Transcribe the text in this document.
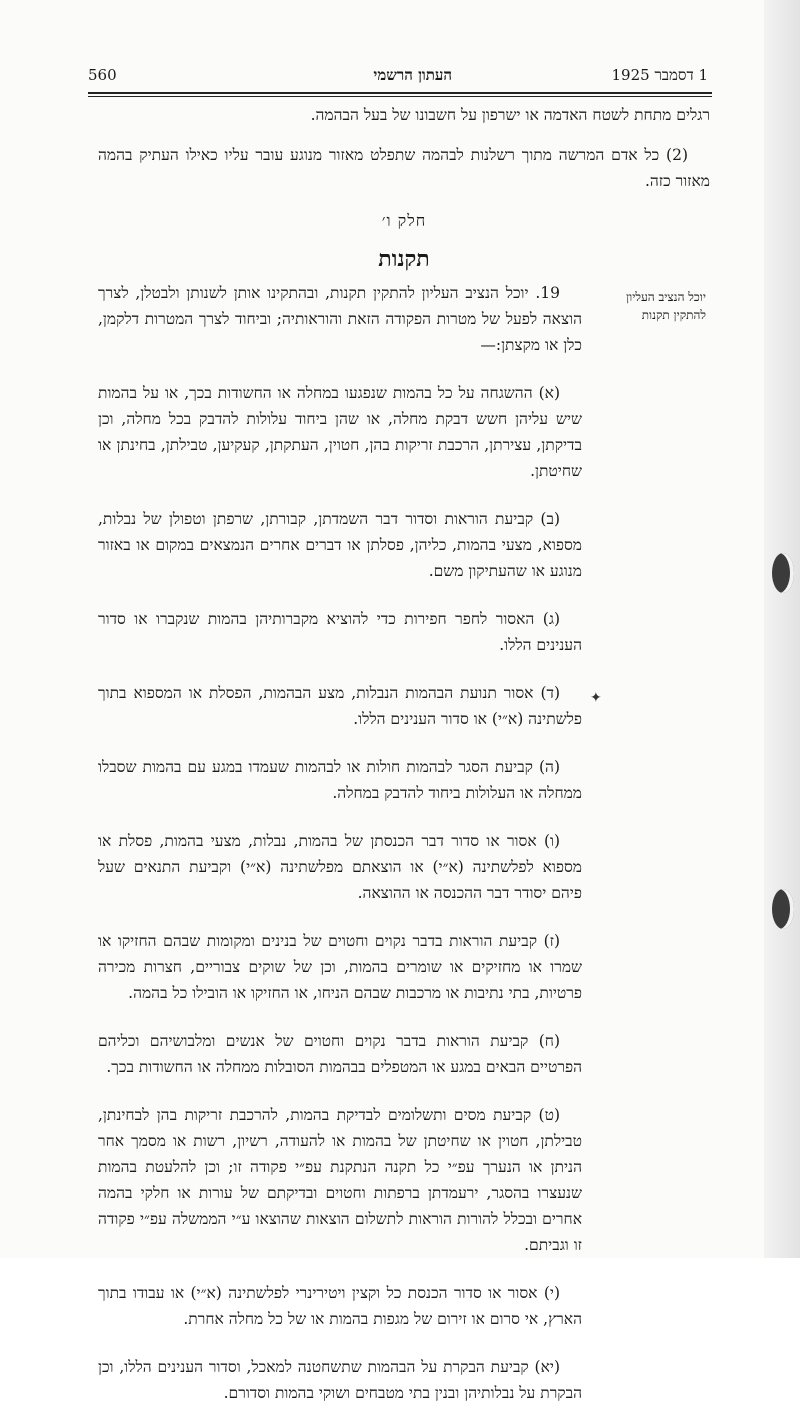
1 דסמבר 1925
העתון הרשמי
560

רגלים מתחת לשטח האדמה או ישרפון על חשבונו של בעל הבהמה.

(2) כל אדם המרשה מתוך רשלנות לבהמה שתפלט מאזור מנוגע עובר עליו כאילו העתיק בהמה מאזור כזה.

חלק ו׳
תקנות
יוכל הנציב העליון להתקין תקנות

19. יוכל הנציב העליון להתקין תקנות, ובהתקינו אותן לשנותן ולבטלן, לצרך הוצאה לפעל של מטרות הפקודה הזאת והוראותיה; וביחוד לצרך המטרות דלקמן, כלן או מקצתן:—

(א) ההשגחה על כל בהמות שנפגעו במחלה או החשודות בכך, או על בהמות שיש עליהן חשש דבקת מחלה, או שהן ביחוד עלולות להדבק בכל מחלה, וכן בדיקתן, עצירתן, הרכבת זריקות בהן, חטוין, העתקתן, קעקיען, טבילתן, בחינתן או שחיטתן.

(ב) קביעת הוראות וסדור דבר השמדתן, קבורתן, שרפתן וטפולן של נבלות, מספוא, מצעי בהמות, כליהן, פסלתן או דברים אחרים הנמצאים במקום או באזור מנוגע או שהעתיקון משם.

(ג) האסור לחפר חפירות כדי להוציא מקברותיהן בהמות שנקברו או סדור הענינים הללו.

(ד) אסור תנועת הבהמות הנבלות, מצע הבהמות, הפסלת או המספוא בתוך פלשתינה (א״י) או סדור הענינים הללו.

(ה) קביעת הסגר לבהמות חולות או לבהמות שעמדו במגע עם בהמות שסבלו ממחלה או העלולות ביחוד להדבק במחלה.

(ו) אסור או סדור דבר הכנסתן של בהמות, נבלות, מצעי בהמות, פסלת או מספוא לפלשתינה (א״י) או הוצאתם מפלשתינה (א״י) וקביעת התנאים שעל פיהם יסודר דבר ההכנסה או ההוצאה.

(ז) קביעת הוראות בדבר נקוים וחטוים של בנינים ומקומות שבהם החזיקו או שמרו או מחזיקים או שומרים בהמות, וכן של שוקים צבוריים, חצרות מכירה פרטיות, בתי נתיבות או מרכבות שבהם הניחו, או החזיקו או הובילו כל בהמה.

(ח) קביעת הוראות בדבר נקוים וחטוים של אנשים ומלבושיהם וכליהם הפרטיים הבאים במגע או המטפלים בבהמות הסובלות ממחלה או החשודות בכך.

(ט) קביעת מסים ותשלומים לבדיקת בהמות, להרכבת זריקות בהן לבחינתן, טבילתן, חטוין או שחיטתן של בהמות או להעודה, רשיון, רשות או מסמך אחר הניתן או הנערך עפ״י כל תקנה הנתקנת עפ״י פקודה זו; וכן להלעטת בהמות שנעצרו בהסגר, ירעמדתן ברפתות וחטוים ובדיקתם של עורות או חלקי בהמה אחרים ובכלל להורות הוראות לתשלום הוצאות שהוצאו ע״י הממשלה עפ״י פקודה זו וגביתם.

(י) אסור או סדור הכנסת כל וקצין ויטירינרי לפלשתינה (א״י) או עבודו בתוך הארץ, אי סרום או זירום של מגפות בהמות או של כל מחלה אחרת.

(יא) קביעת הבקרת על הבהמות שתשחטנה למאכל, וסדור הענינים הללו, וכן הבקרת על נבלותיהן ובנין בתי מטבחים ושוקי בהמות וסדורם.

✦
